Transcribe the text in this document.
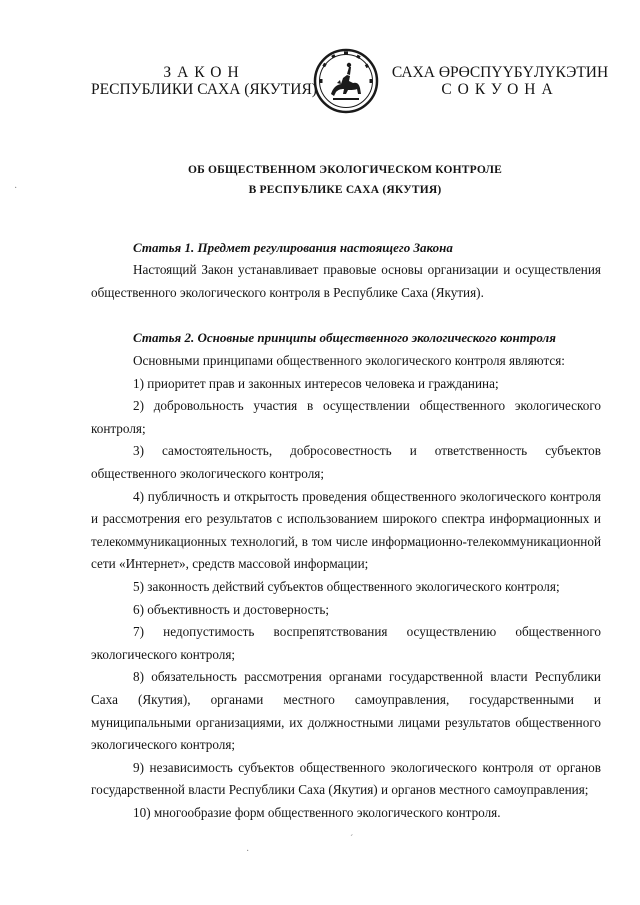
ЗАКОН
РЕСПУБЛИКИ САХА (ЯКУТИЯ)
САХА ӨРӨСПҮҮБҮЛҮКЭТИН
СОКУОНА
ОБ ОБЩЕСТВЕННОМ ЭКОЛОГИЧЕСКОМ КОНТРОЛЕ
В РЕСПУБЛИКЕ САХА (ЯКУТИЯ)
Статья 1. Предмет регулирования настоящего Закона
Настоящий Закон устанавливает правовые основы организации и осуществления общественного экологического контроля в Республике Саха (Якутия).
Статья 2. Основные принципы общественного экологического контроля
Основными принципами общественного экологического контроля являются:
1) приоритет прав и законных интересов человека и гражданина;
2) добровольность участия в осуществлении общественного экологического контроля;
3) самостоятельность, добросовестность и ответственность субъектов общественного экологического контроля;
4) публичность и открытость проведения общественного экологического контроля и рассмотрения его результатов с использованием широкого спектра информационных и телекоммуникационных технологий, в том числе информационно-телекоммуникационной сети «Интернет», средств массовой информации;
5) законность действий субъектов общественного экологического контроля;
6) объективность и достоверность;
7) недопустимость воспрепятствования осуществлению общественного экологического контроля;
8) обязательность рассмотрения органами государственной власти Республики Саха (Якутия), органами местного самоуправления, государственными и муниципальными организациями, их должностными лицами результатов общественного экологического контроля;
9) независимость субъектов общественного экологического контроля от органов государственной власти Республики Саха (Якутия) и органов местного самоуправления;
10) многообразие форм общественного экологического контроля.
·
ˊ
·
